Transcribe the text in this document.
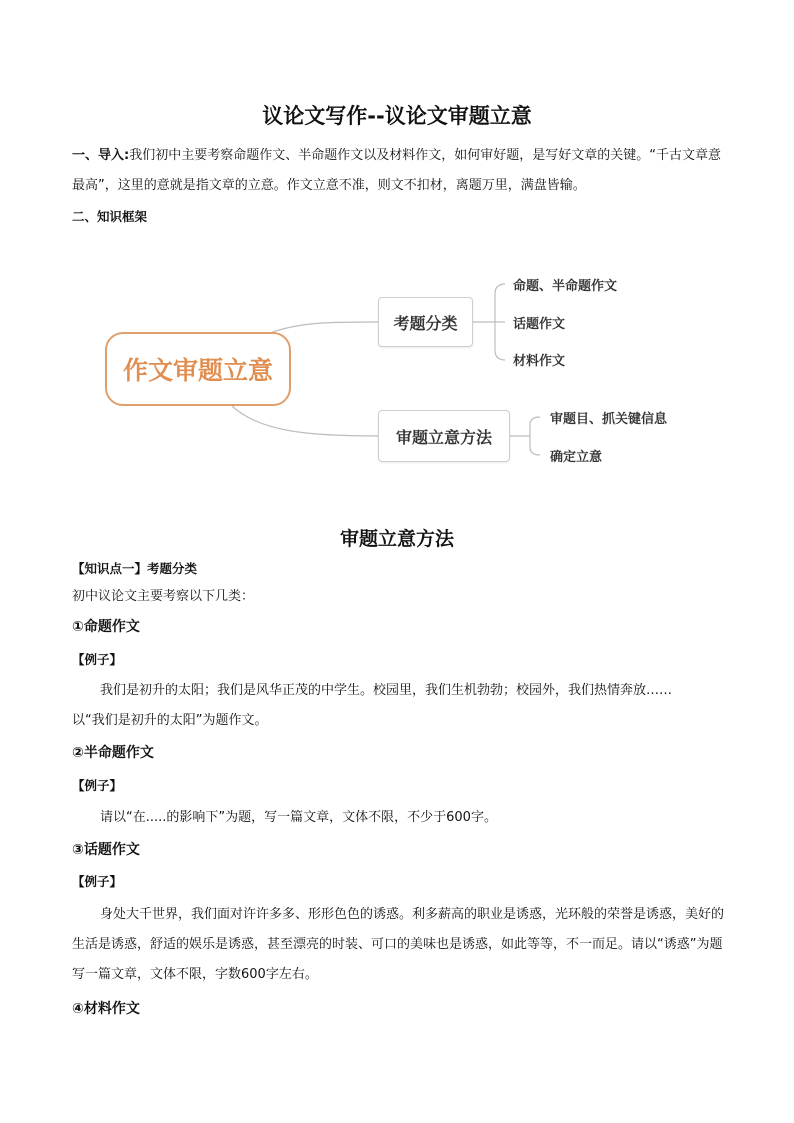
议论文写作--议论文审题立意
一、导入:我们初中主要考察命题作文、半命题作文以及材料作文，如何审好题，是写好文章的关键。“千古文章意最高”，这里的意就是指文章的立意。作文立意不准，则文不扣材，离题万里，满盘皆输。
二、知识框架
作文审题立意
考题分类
审题立意方法
命题、半命题作文
话题作文
材料作文
审题目、抓关键信息
确定立意
审题立意方法
【知识点一】考题分类
初中议论文主要考察以下几类：
①命题作文
【例子】
我们是初升的太阳；我们是风华正茂的中学生。校园里，我们生机勃勃；校园外，我们热情奔放……
以“我们是初升的太阳”为题作文。
②半命题作文
【例子】
请以“在.....的影响下”为题，写一篇文章，文体不限，不少于600字。
③话题作文
【例子】
身处大千世界，我们面对许许多多、形形色色的诱惑。利多薪高的职业是诱惑，光环般的荣誉是诱惑，美好的生活是诱惑，舒适的娱乐是诱惑，甚至漂亮的时装、可口的美味也是诱惑，如此等等，不一而足。请以“诱惑”为题写一篇文章，文体不限，字数600字左右。
④材料作文
